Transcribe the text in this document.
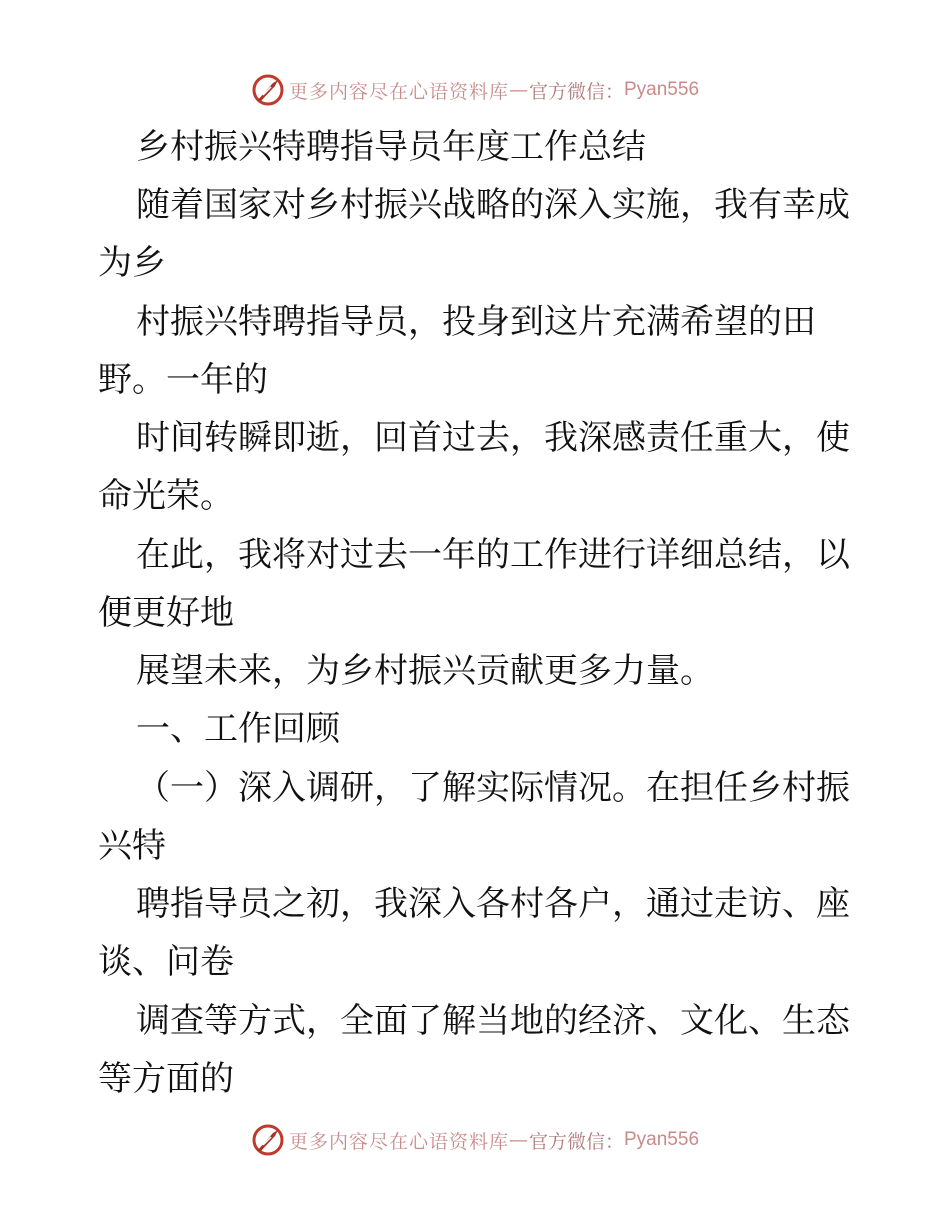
更多内容尽在心语资料库 — 官方微信： Pyan556
乡村振兴特聘指导员年度工作总结
随着国家对乡村振兴战略的深入实施，我有幸成
为乡
村振兴特聘指导员，投身到这片充满希望的田
野。一年的
时间转瞬即逝，回首过去，我深感责任重大，使
命光荣。
在此，我将对过去一年的工作进行详细总结，以
便更好地
展望未来，为乡村振兴贡献更多力量。
一、工作回顾
（一）深入调研，了解实际情况。在担任乡村振
兴特
聘指导员之初，我深入各村各户，通过走访、座
谈、问卷
调查等方式，全面了解当地的经济、文化、生态
等方面的
更多内容尽在心语资料库 — 官方微信： Pyan556
